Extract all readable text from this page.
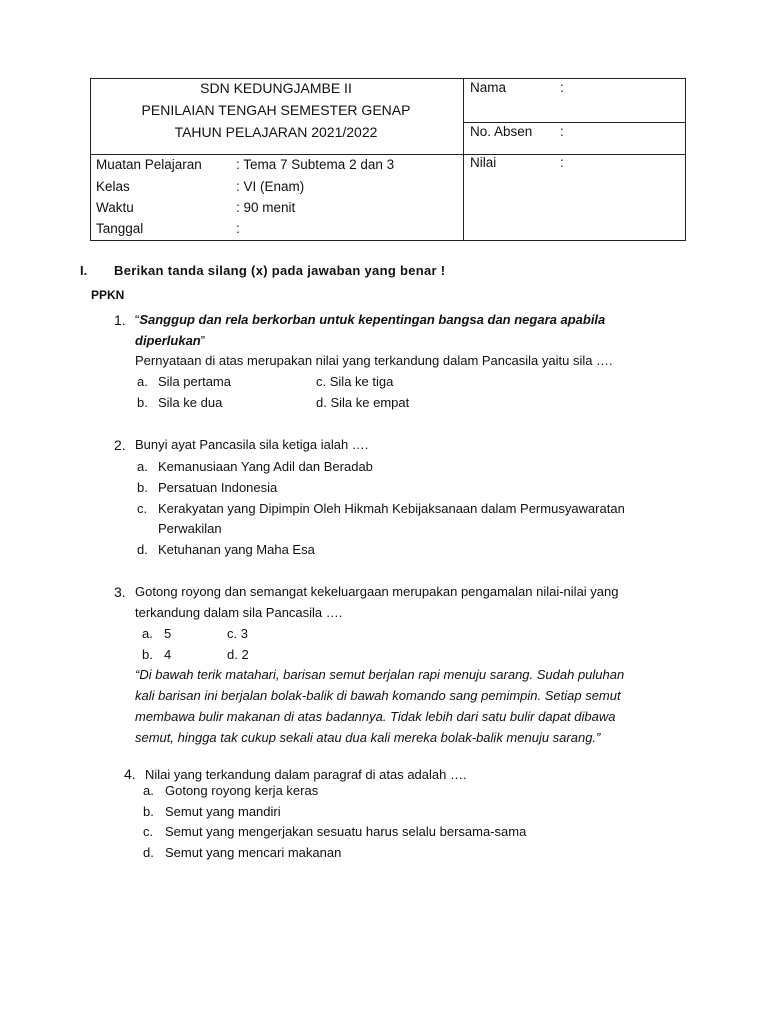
SDN KEDUNGJAMBE II
PENILAIAN TENGAH SEMESTER GENAP
TAHUN PELAJARAN 2021/2022
Nama	:
No. Absen :
Nilai	:
Muatan Pelajaran	: Tema 7 Subtema 2 dan 3
Kelas	: VI (Enam)
Waktu	: 90 menit
Tanggal	:
I. Berikan tanda silang (x) pada jawaban yang benar !
PPKN
1. “Sanggup dan rela berkorban untuk kepentingan bangsa dan negara apabila
diperlukan”
Pernyataan di atas merupakan nilai yang terkandung dalam Pancasila yaitu sila ….
a. Sila pertama	c. Sila ke tiga
b. Sila ke dua	d. Sila ke empat
2. Bunyi ayat Pancasila sila ketiga ialah ….
a. Kemanusiaan Yang Adil dan Beradab
b. Persatuan Indonesia
c. Kerakyatan yang Dipimpin Oleh Hikmah Kebijaksanaan dalam Permusyawaratan
Perwakilan
d. Ketuhanan yang Maha Esa
3. Gotong royong dan semangat kekeluargaan merupakan pengamalan nilai-nilai yang
terkandung dalam sila Pancasila ….
a. 5	c. 3
b. 4	d. 2
“Di bawah terik matahari, barisan semut berjalan rapi menuju sarang. Sudah puluhan
kali barisan ini berjalan bolak-balik di bawah komando sang pemimpin. Setiap semut
membawa bulir makanan di atas badannya. Tidak lebih dari satu bulir dapat dibawa
semut, hingga tak cukup sekali atau dua kali mereka bolak-balik menuju sarang.”
4. Nilai yang terkandung dalam paragraf di atas adalah ….
a. Gotong royong kerja keras
b. Semut yang mandiri
c. Semut yang mengerjakan sesuatu harus selalu bersama-sama
d. Semut yang mencari makanan
